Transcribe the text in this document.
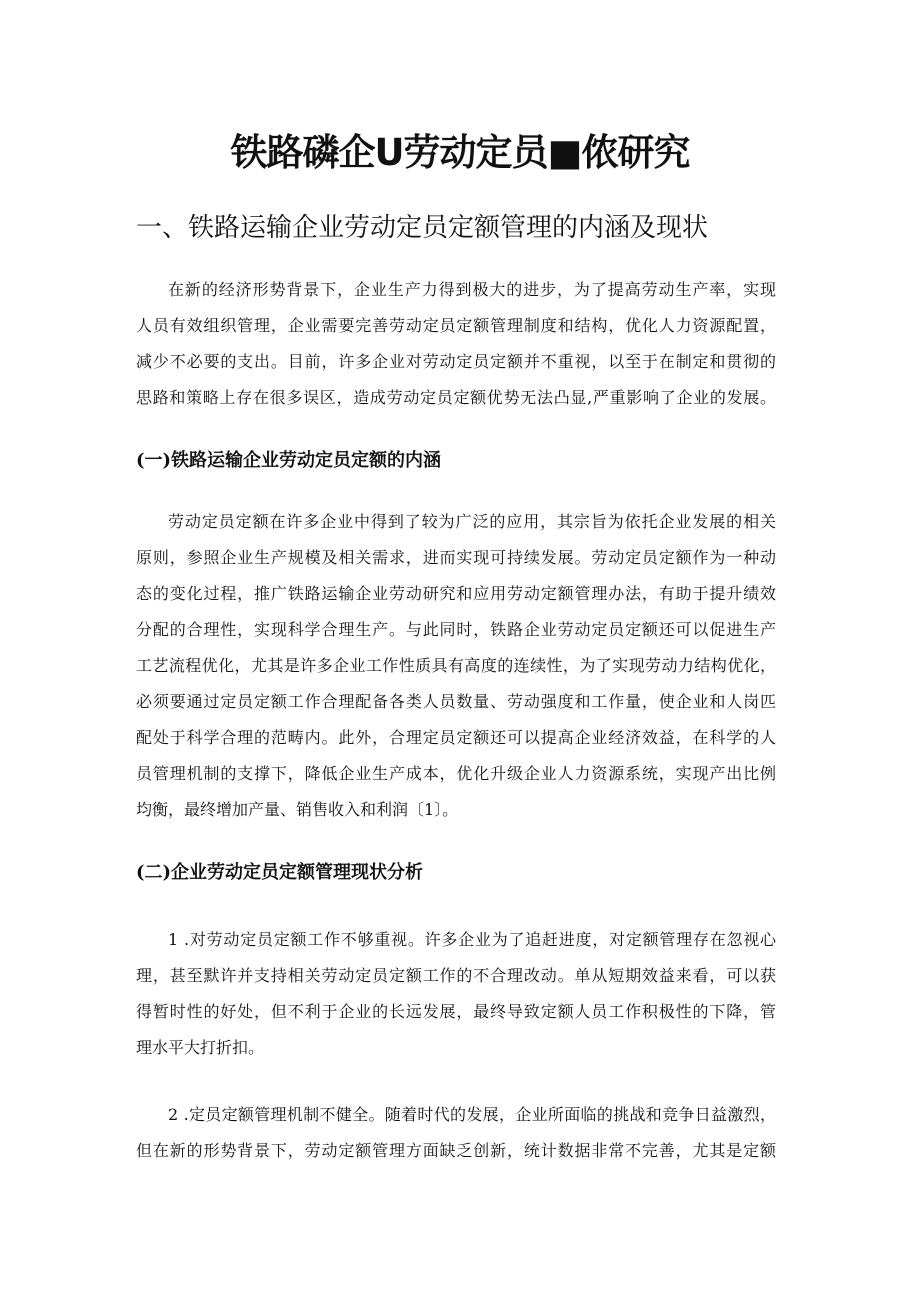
铁路磷企U劳动定员■侬研究
一、铁路运输企业劳动定员定额管理的内涵及现状
在新的经济形势背景下，企业生产力得到极大的进步，为了提高劳动生产率，实现
人员有效组织管理，企业需要完善劳动定员定额管理制度和结构，优化人力资源配置，
减少不必要的支出。目前，许多企业对劳动定员定额并不重视，以至于在制定和贯彻的
思路和策略上存在很多误区，造成劳动定员定额优势无法凸显,严重影响了企业的发展。
(一)铁路运输企业劳动定员定额的内涵
劳动定员定额在许多企业中得到了较为广泛的应用，其宗旨为依托企业发展的相关
原则，参照企业生产规模及相关需求，进而实现可持续发展。劳动定员定额作为一种动
态的变化过程，推广铁路运输企业劳动研究和应用劳动定额管理办法，有助于提升绩效
分配的合理性，实现科学合理生产。与此同时，铁路企业劳动定员定额还可以促进生产
工艺流程优化，尤其是许多企业工作性质具有高度的连续性，为了实现劳动力结构优化，
必须要通过定员定额工作合理配备各类人员数量、劳动强度和工作量，使企业和人岗匹
配处于科学合理的范畴内。此外，合理定员定额还可以提高企业经济效益，在科学的人
员管理机制的支撑下，降低企业生产成本，优化升级企业人力资源系统，实现产出比例
均衡，最终增加产量、销售收入和利润〔1〕。
(二)企业劳动定员定额管理现状分析
1 .对劳动定员定额工作不够重视。许多企业为了追赶进度，对定额管理存在忽视心
理，甚至默许并支持相关劳动定员定额工作的不合理改动。单从短期效益来看，可以获
得暂时性的好处，但不利于企业的长远发展，最终导致定额人员工作积极性的下降，管
理水平大打折扣。
2 .定员定额管理机制不健全。随着时代的发展，企业所面临的挑战和竞争日益激烈，
但在新的形势背景下，劳动定额管理方面缺乏创新，统计数据非常不完善，尤其是定额
